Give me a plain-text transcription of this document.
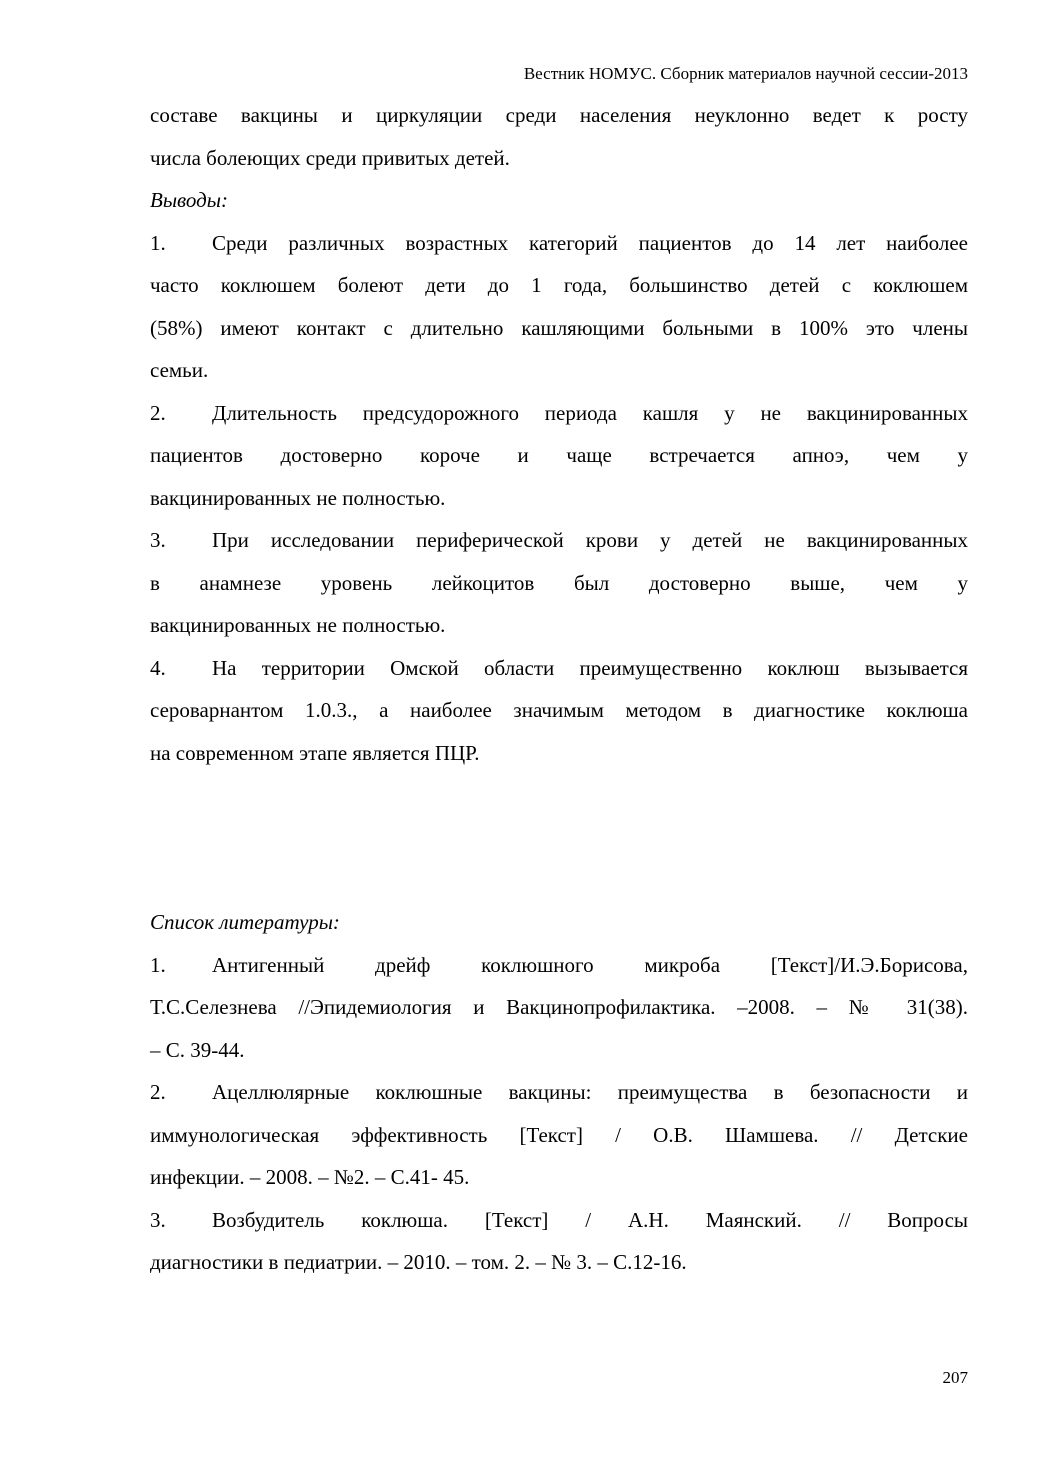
Вестник НОМУС. Сборник материалов научной сессии-2013

составе вакцины и циркуляции среди населения неуклонно ведет к росту

числа болеющих среди привитых детей.

Выводы:

1. Среди различных возрастных категорий пациентов до 14 лет наиболее

часто коклюшем болеют дети до 1 года, большинство детей с коклюшем

(58%) имеют контакт с длительно кашляющими больными в 100% это члены

семьи.

2. Длительность предсудорожного периода кашля у не вакцинированных

пациентов достоверно короче и чаще встречается апноэ, чем у

вакцинированных не полностью.

3. При исследовании периферической крови у детей не вакцинированных

в анамнезе уровень лейкоцитов был достоверно выше, чем у

вакцинированных не полностью.

4. На территории Омской области преимущественно коклюш вызывается

сероварнантом 1.0.3., а наиболее значимым методом в диагностике коклюша

на современном этапе является ПЦР.

Список литературы:

1. Антигенный дрейф коклюшного микроба [Текст]/И.Э.Борисова,

Т.С.Селезнева //Эпидемиология и Вакцинопрофилактика. –2008. – № 31(38).

– С. 39-44.

2. Ацеллюлярные коклюшные вакцины: преимущества в безопасности и

иммунологическая эффективность [Текст] / О.В. Шамшева. // Детские

инфекции. – 2008. – №2. – С.41- 45.

3. Возбудитель коклюша. [Текст] / А.Н. Маянский. // Вопросы

диагностики в педиатрии. – 2010. – том. 2. – № 3. – С.12-16.

207
